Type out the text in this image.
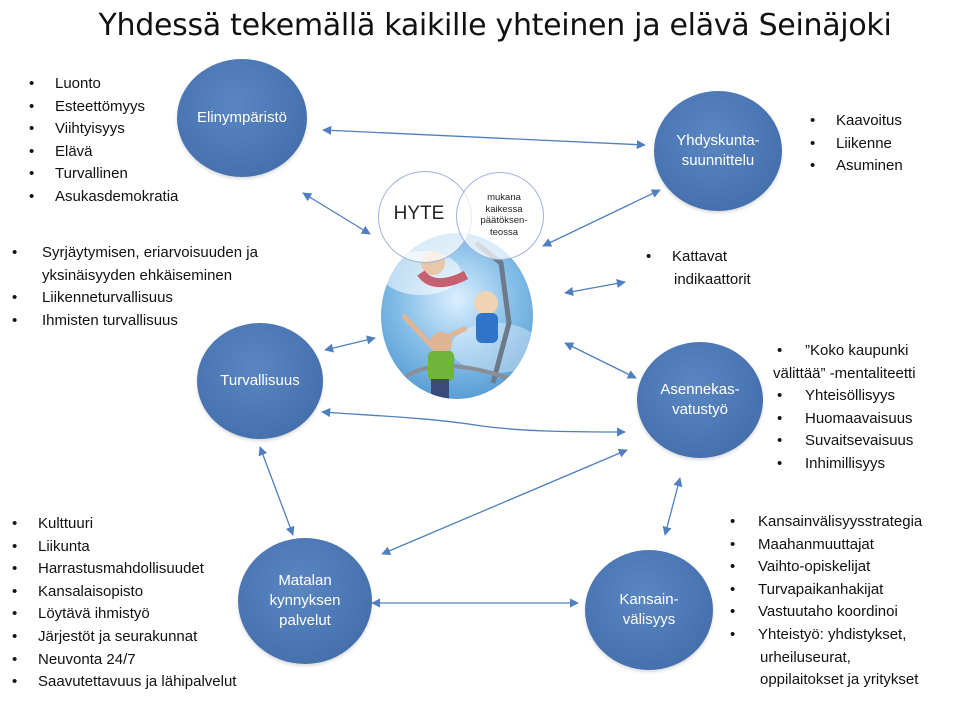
Yhdessä tekemällä kaikille yhteinen ja elävä Seinäjoki
Elinympäristö
Yhdyskunta-
suunnittelu
Turvallisuus
Asennekas-
vatustyö
Matalan
kynnyksen
palvelut
Kansain-
välisyys
HYTE
mukana
kaikessa
päätöksen-
teossa
• Luonto
• Esteettömyys
• Viihtyisyys
• Elävä
• Turvallinen
• Asukasdemokratia
• Kaavoitus
• Liikenne
• Asuminen
• Kattavat
indikaattorit
• Syrjäytymisen, eriarvoisuuden ja
yksinäisyyden ehkäiseminen
• Liikenneturvallisuus
• Ihmisten turvallisuus
• ”Koko kaupunki
välittää” -mentaliteetti
• Yhteisöllisyys
• Huomaavaisuus
• Suvaitsevaisuus
• Inhimillisyys
• Kulttuuri
• Liikunta
• Harrastusmahdollisuudet
• Kansalaisopisto
• Löytävä ihmistyö
• Järjestöt ja seurakunnat
• Neuvonta 24/7
• Saavutettavuus ja lähipalvelut
• Kansainvälisyysstrategia
• Maahanmuuttajat
• Vaihto-opiskelijat
• Turvapaikanhakijat
• Vastuutaho koordinoi
• Yhteistyö: yhdistykset,
urheiluseurat,
oppilaitokset ja yritykset
